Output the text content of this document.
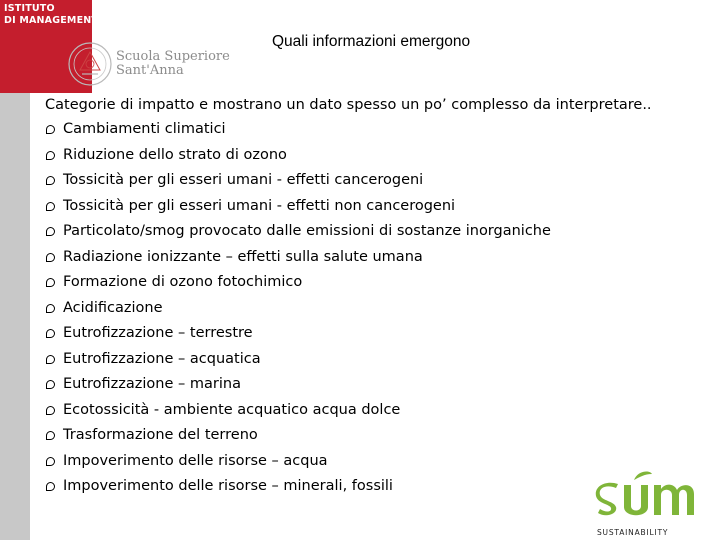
ISTITUTO
DI MANAGEMENT
Scuola Superiore
Sant'Anna
Quali informazioni emergono
Categorie di impatto e mostrano un dato spesso un po’ complesso da interpretare..
Cambiamenti climatici
Riduzione dello strato di ozono
Tossicità per gli esseri umani - effetti cancerogeni
Tossicità per gli esseri umani - effetti non cancerogeni
Particolato/smog provocato dalle emissioni di sostanze inorganiche
Radiazione ionizzante – effetti sulla salute umana
Formazione di ozono fotochimico
Acidificazione
Eutrofizzazione – terrestre
Eutrofizzazione – acquatica
Eutrofizzazione – marina
Ecotossicità - ambiente acquatico acqua dolce
Trasformazione del terreno
Impoverimento delle risorse – acqua
Impoverimento delle risorse – minerali, fossili
SUSTAINABILITY
